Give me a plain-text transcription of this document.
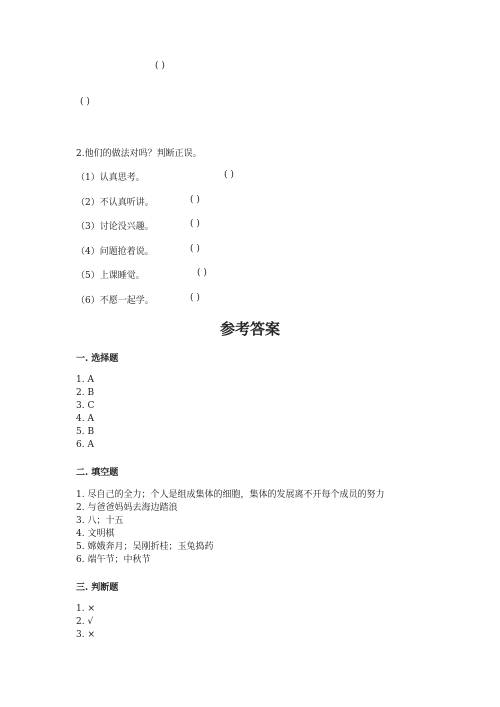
( )
( )
2.他们的做法对吗？判断正误。
（1）认真思考。	( )
（2）不认真听讲。	( )
（3）讨论没兴趣。	( )
（4）问题抢着说。	( )
（5）上课睡觉。	( )
（6）不愿一起学。	( )
参考答案
一. 选择题
1. A
2. B
3. C
4. A
5. B
6. A
二. 填空题
1. 尽自己的全力；个人是组成集体的细胞，集体的发展离不开每个成员的努力
2. 与爸爸妈妈去海边踏浪
3. 八；十五
4. 文明棋
5. 嫦娥奔月；吴刚折桂；玉兔捣药
6. 端午节；中秋节
三. 判断题
1. ×
2. √
3. ×
